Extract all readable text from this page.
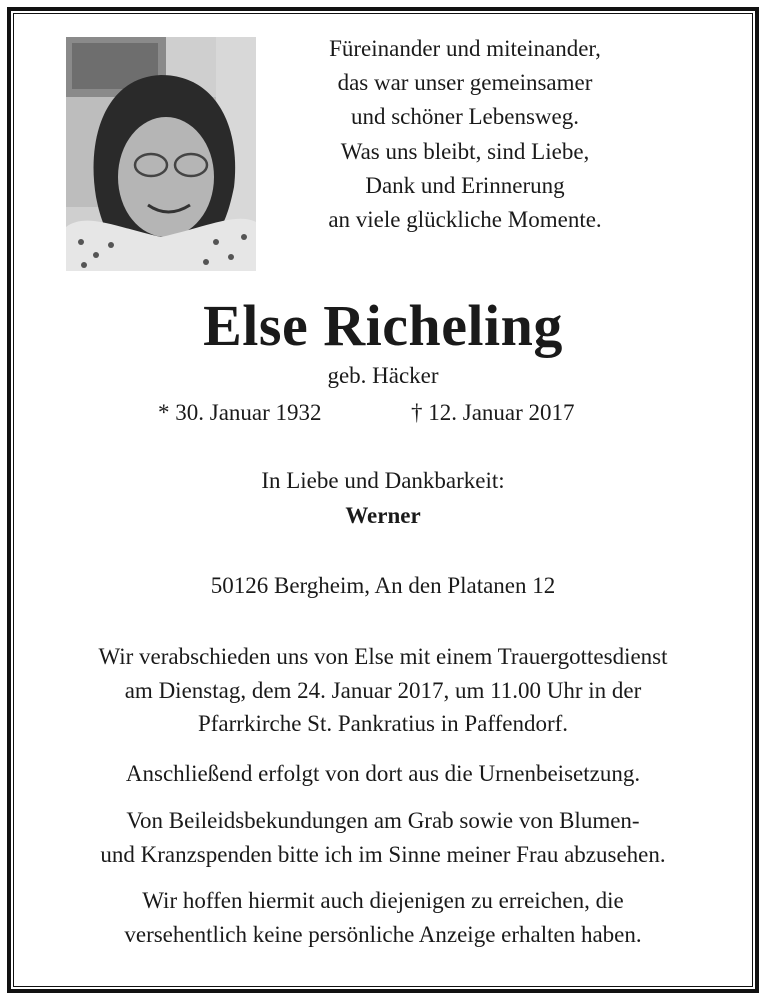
Füreinander und miteinander,
das war unser gemeinsamer
und schöner Lebensweg.
Was uns bleibt, sind Liebe,
Dank und Erinnerung
an viele glückliche Momente.
Else Richeling
geb. Häcker
* 30. Januar 1932	† 12. Januar 2017
In Liebe und Dankbarkeit:
Werner
50126 Bergheim, An den Platanen 12
Wir verabschieden uns von Else mit einem Trauergottesdienst
am Dienstag, dem 24. Januar 2017, um 11.00 Uhr in der
Pfarrkirche St. Pankratius in Paffendorf.
Anschließend erfolgt von dort aus die Urnenbeisetzung.
Von Beileidsbekundungen am Grab sowie von Blumen-
und Kranzspenden bitte ich im Sinne meiner Frau abzusehen.
Wir hoffen hiermit auch diejenigen zu erreichen, die
versehentlich keine persönliche Anzeige erhalten haben.
